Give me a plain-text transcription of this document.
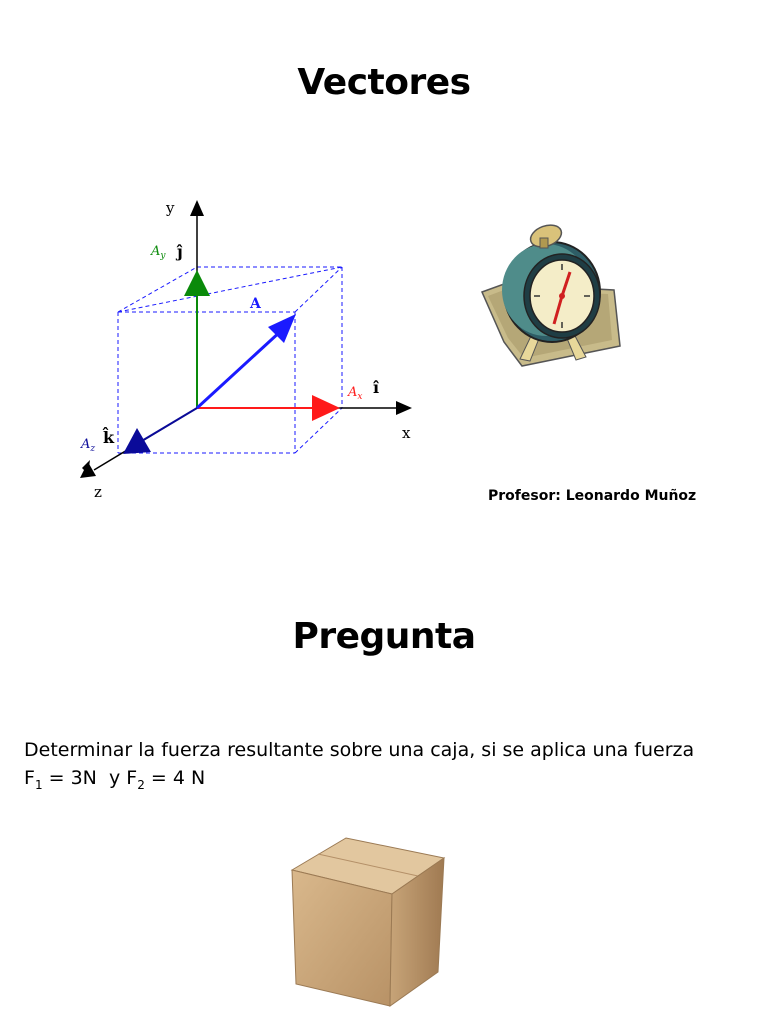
Vectores
y
x
z
A
$A_y$ ĵ
$A_x$ î
$A_z$
k̂
Profesor: Leonardo Muñoz
Pregunta
Determinar la fuerza resultante sobre una caja, si se aplica una fuerza
$F_1 = 3N$  y $F_2 = 4$ N
